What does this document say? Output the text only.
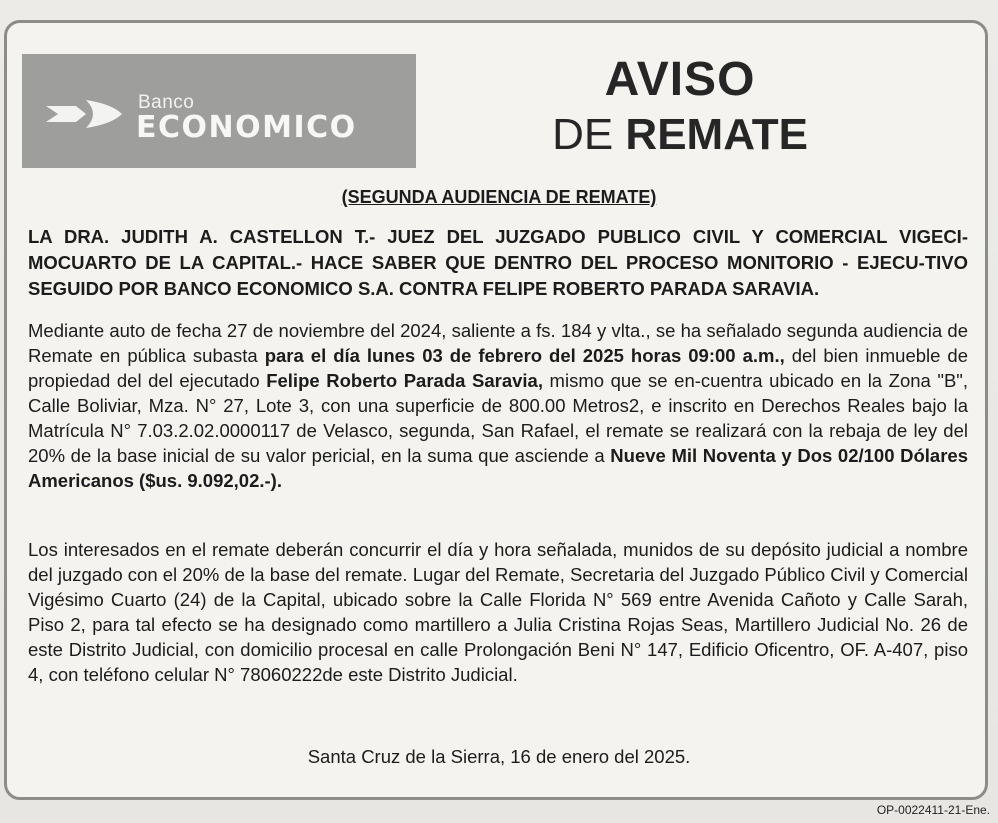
Banco
ECONOMICO
AVISO
DE REMATE
(SEGUNDA AUDIENCIA DE REMATE)

LA DRA. JUDITH A. CASTELLON T.- JUEZ DEL JUZGADO PUBLICO CIVIL Y COMERCIAL VIGECI-MOCUARTO DE LA CAPITAL.- HACE SABER QUE DENTRO DEL PROCESO MONITORIO - EJECU-TIVO SEGUIDO POR BANCO ECONOMICO S.A. CONTRA FELIPE ROBERTO PARADA SARAVIA.

Mediante auto de fecha 27 de noviembre del 2024, saliente a fs. 184 y vlta., se ha señalado segunda audiencia de Remate en pública subasta para el día lunes 03 de febrero del 2025 horas 09:00 a.m., del bien inmueble de propiedad del del ejecutado Felipe Roberto Parada Saravia, mismo que se en-cuentra ubicado en la Zona "B", Calle Boliviar, Mza. N° 27, Lote 3, con una superficie de 800.00 Metros2, e inscrito en Derechos Reales bajo la Matrícula N° 7.03.2.02.0000117 de Velasco, segunda, San Rafael, el remate se realizará con la rebaja de ley del 20% de la base inicial de su valor pericial, en la suma que asciende a Nueve Mil Noventa y Dos 02/100 Dólares Americanos ($us. 9.092,02.-).

Los interesados en el remate deberán concurrir el día y hora señalada, munidos de su depósito judicial a nombre del juzgado con el 20% de la base del remate. Lugar del Remate, Secretaria del Juzgado Público Civil y Comercial Vigésimo Cuarto (24) de la Capital, ubicado sobre la Calle Florida N° 569 entre Avenida Cañoto y Calle Sarah, Piso 2, para tal efecto se ha designado como martillero a Julia Cristina Rojas Seas, Martillero Judicial No. 26 de este Distrito Judicial, con domicilio procesal en calle Prolongación Beni N° 147, Edificio Oficentro, OF. A-407, piso 4, con teléfono celular N° 78060222de este Distrito Judicial.

Santa Cruz de la Sierra, 16 de enero del 2025.
OP-0022411-21-Ene.
